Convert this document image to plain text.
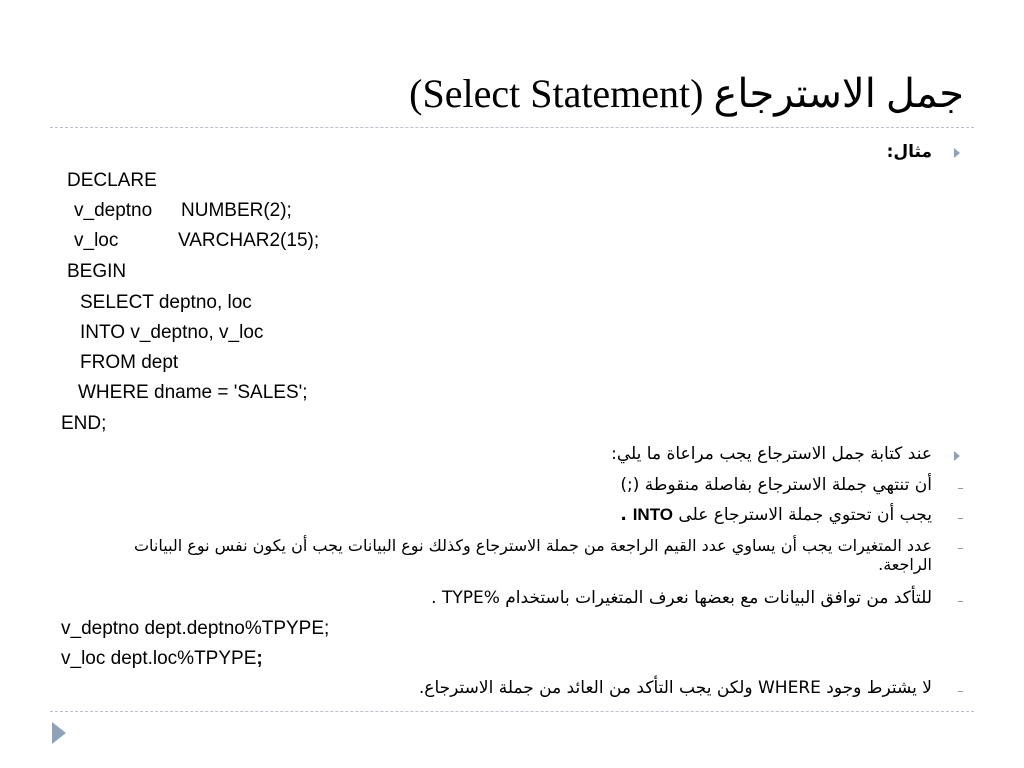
جمل الاسترجاع (Select Statement)
مثال:
DECLARE
v_deptno NUMBER(2);
v_loc	VARCHAR2(15);
BEGIN
SELECT deptno, loc
INTO v_deptno, v_loc
FROM dept
WHERE dname = 'SALES';
END;
عند كتابة جمل الاسترجاع يجب مراعاة ما يلي:
أن تنتهي جملة الاسترجاع بفاصلة منقوطة (;)
يجب أن تحتوي جملة الاسترجاع على INTO .
عدد المتغيرات يجب أن يساوي عدد القيم الراجعة من جملة الاسترجاع وكذلك نوع البيانات يجب أن يكون نفس نوع البيانات الراجعة.
للتأكد من توافق البيانات مع بعضها نعرف المتغيرات باستخدام %TYPE .
v_deptno dept.deptno%TPYPE;
v_loc dept.loc%TPYPE;
لا يشترط وجود WHERE ولكن يجب التأكد من العائد من جملة الاسترجاع.
